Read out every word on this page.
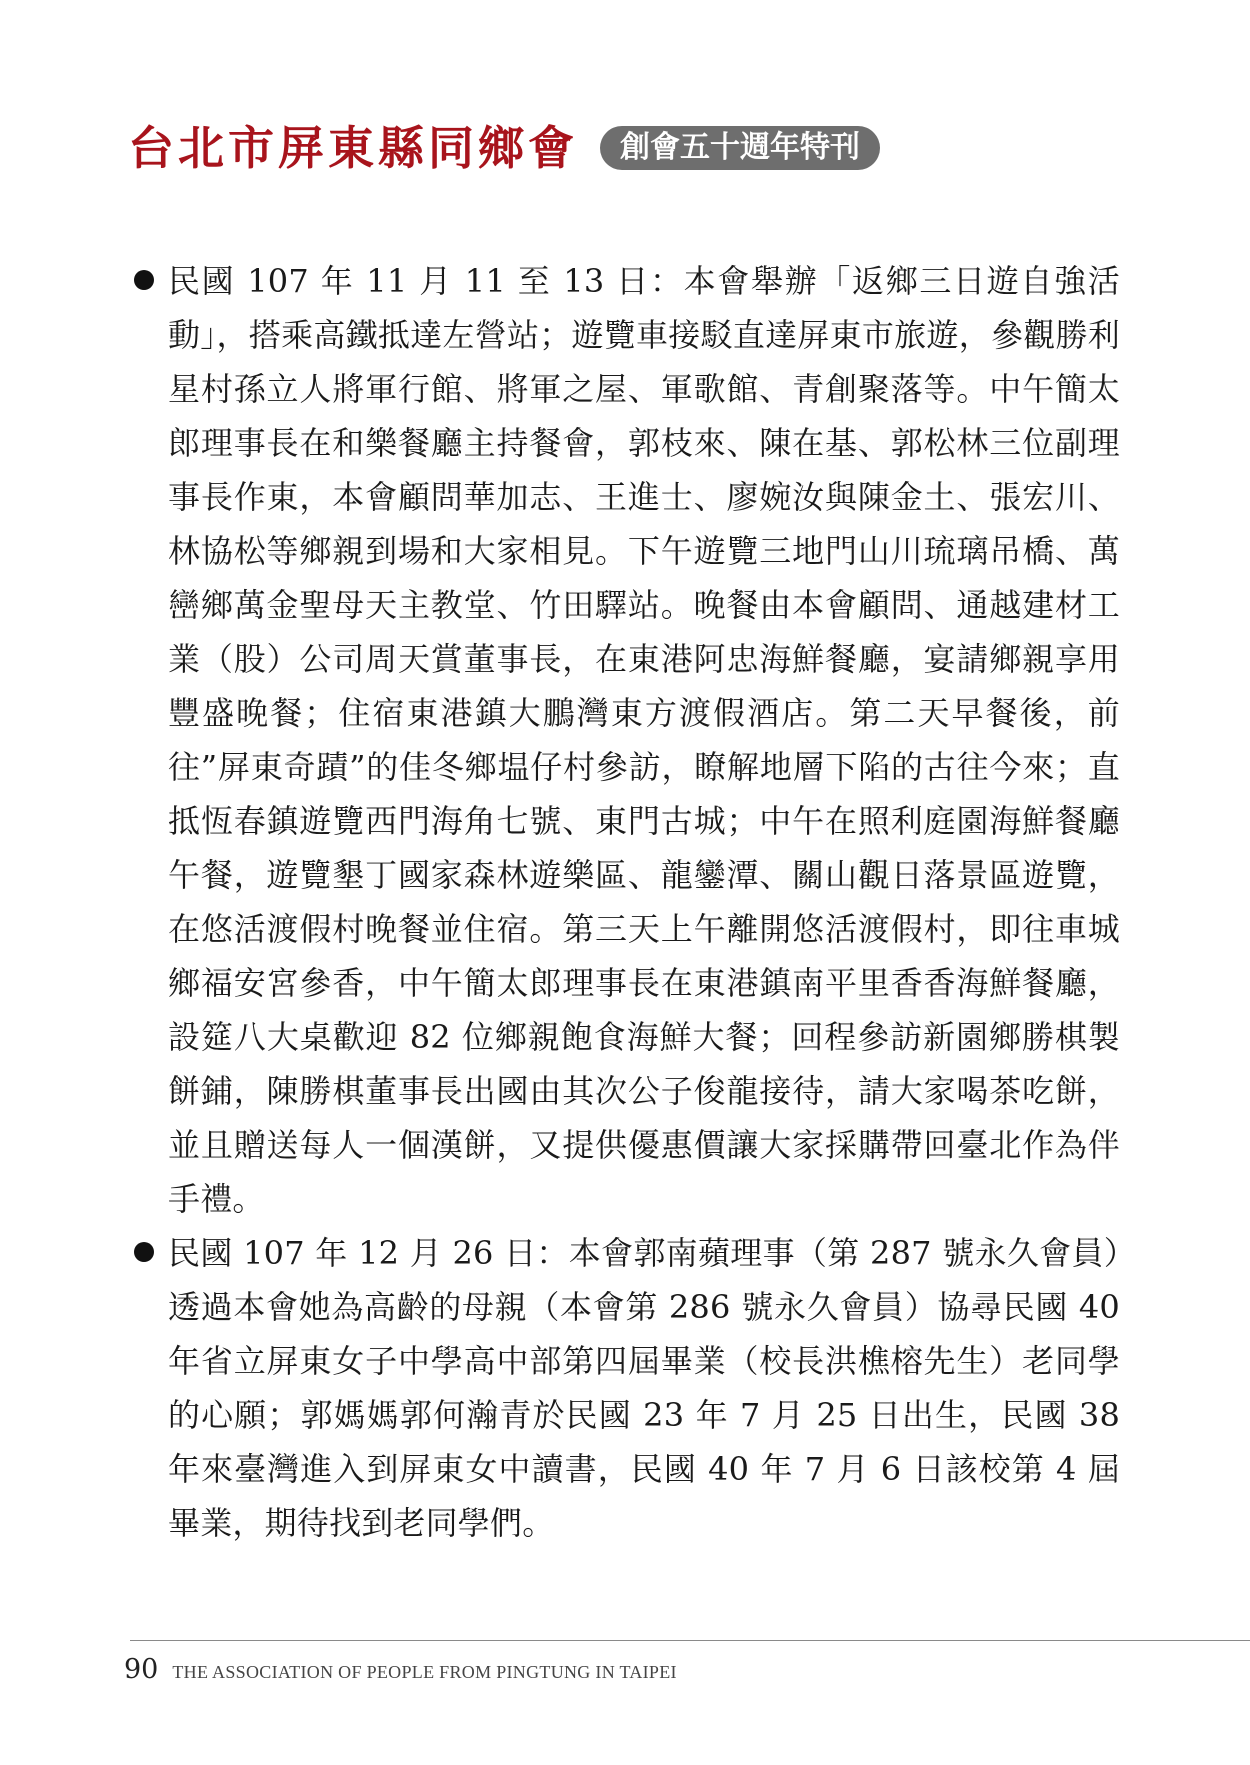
台北市屏東縣同鄉會	創會五十週年特刊
民國 107 年 11 月 11 至 13 日：本會舉辦「返鄉三日遊自強活動」，搭乘高鐵抵達左營站；遊覽車接駁直達屏東市旅遊，參觀勝利星村孫立人將軍行館、將軍之屋、軍歌館、青創聚落等。中午簡太郎理事長在和樂餐廳主持餐會，郭枝來、陳在基、郭松林三位副理事長作東，本會顧問華加志、王進士、廖婉汝與陳金土、張宏川、林協松等鄉親到場和大家相見。下午遊覽三地門山川琉璃吊橋、萬巒鄉萬金聖母天主教堂、竹田驛站。晚餐由本會顧問、通越建材工業（股）公司周天賞董事長，在東港阿忠海鮮餐廳，宴請鄉親享用豐盛晚餐；住宿東港鎮大鵬灣東方渡假酒店。第二天早餐後，前往”屏東奇蹟”的佳冬鄉塭仔村參訪，瞭解地層下陷的古往今來；直抵恆春鎮遊覽西門海角七號、東門古城；中午在照利庭園海鮮餐廳午餐，遊覽墾丁國家森林遊樂區、龍鑾潭、關山觀日落景區遊覽，在悠活渡假村晚餐並住宿。第三天上午離開悠活渡假村，即往車城鄉福安宮參香，中午簡太郎理事長在東港鎮南平里香香海鮮餐廳，設筵八大桌歡迎 82 位鄉親飽食海鮮大餐；回程參訪新園鄉勝棋製餅鋪，陳勝棋董事長出國由其次公子俊龍接待，請大家喝茶吃餅，並且贈送每人一個漢餅，又提供優惠價讓大家採購帶回臺北作為伴手禮。
民國 107 年 12 月 26 日：本會郭南蘋理事（第 287 號永久會員）透過本會她為高齡的母親（本會第 286 號永久會員）協尋民國 40 年省立屏東女子中學高中部第四屆畢業（校長洪樵榕先生）老同學的心願；郭媽媽郭何瀚青於民國 23 年 7 月 25 日出生，民國 38 年來臺灣進入到屏東女中讀書，民國 40 年 7 月 6 日該校第 4 屆畢業，期待找到老同學們。
90 THE ASSOCIATION OF PEOPLE FROM PINGTUNG IN TAIPEI
